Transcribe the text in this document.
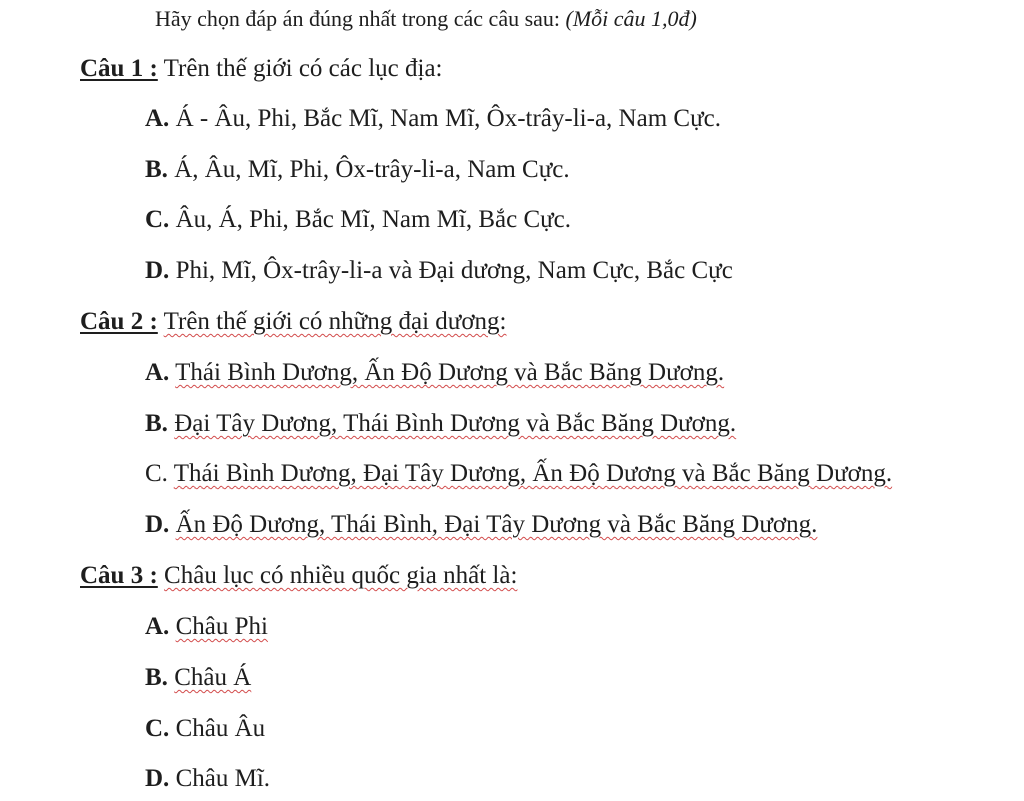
Hãy chọn đáp án đúng nhất trong các câu sau: (Mỗi câu 1,0đ)
Câu 1 : Trên thế giới có các lục địa:
A. Á - Âu, Phi, Bắc Mĩ, Nam Mĩ, Ôx-trây-li-a, Nam Cực.
B. Á, Âu, Mĩ, Phi, Ôx-trây-li-a, Nam Cực.
C. Âu, Á, Phi, Bắc Mĩ, Nam Mĩ, Bắc Cực.
D. Phi, Mĩ, Ôx-trây-li-a và Đại dương, Nam Cực, Bắc Cực
Câu 2 : Trên thế giới có những đại dương:
A. Thái Bình Dương, Ấn Độ Dương và Bắc Băng Dương.
B. Đại Tây Dương, Thái Bình Dương và Bắc Băng Dương.
C. Thái Bình Dương, Đại Tây Dương, Ấn Độ Dương và Bắc Băng Dương.
D. Ấn Độ Dương, Thái Bình, Đại Tây Dương và Bắc Băng Dương.
Câu 3 : Châu lục có nhiều quốc gia nhất là:
A. Châu Phi
B. Châu Á
C. Châu Âu
D. Châu Mĩ.
